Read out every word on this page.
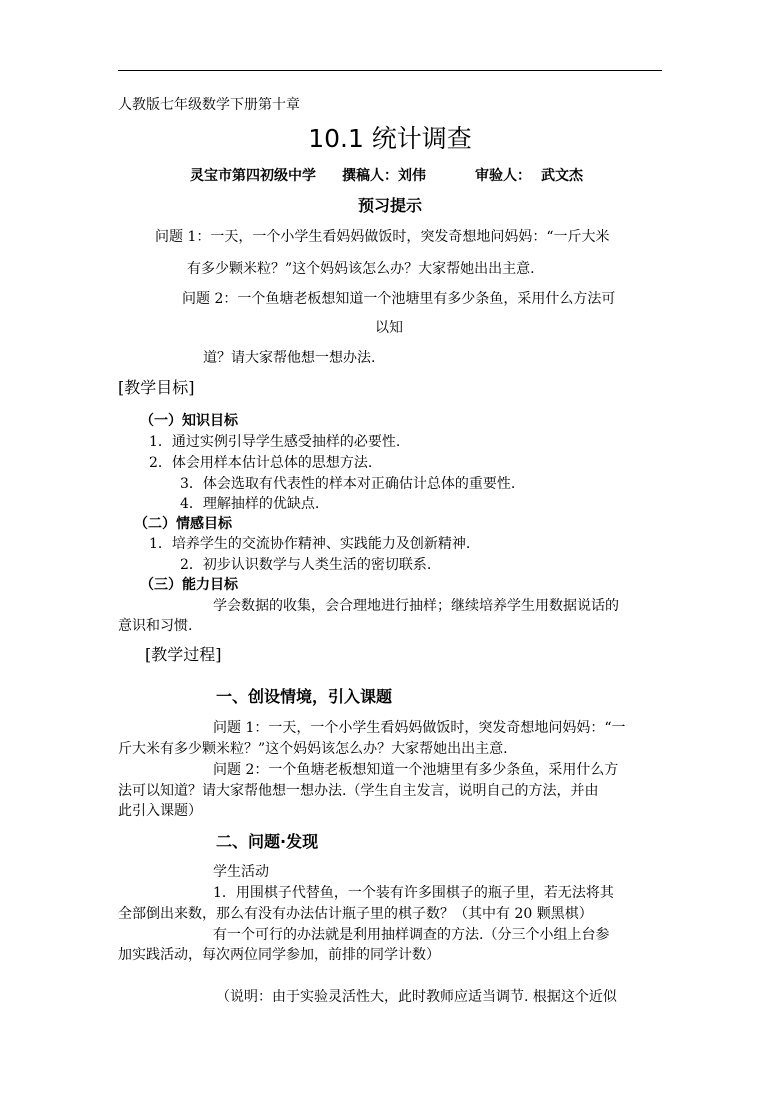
人教版七年级数学下册第十章
10.1 统计调查
灵宝市第四初级中学 撰稿人： 刘伟	审验人： 武文杰
预习提示
问题 1：一天，一个小学生看妈妈做饭时，突发奇想地问妈妈：“一斤大米
有多少颗米粒？”这个妈妈该怎么办？大家帮她出出主意.
问题 2：一个鱼塘老板想知道一个池塘里有多少条鱼，采用什么方法可
以知
道？请大家帮他想一想办法.
[教学目标]
（一）知识目标
1．通过实例引导学生感受抽样的必要性.
2．体会用样本估计总体的思想方法.
3．体会选取有代表性的样本对正确估计总体的重要性.
4．理解抽样的优缺点.
（二）情感目标
1．培养学生的交流协作精神、实践能力及创新精神.
2．初步认识数学与人类生活的密切联系.
（三）能力目标
学会数据的收集，会合理地进行抽样；继续培养学生用数据说话的
意识和习惯.
[教学过程]
一、创设情境，引入课题
问题 1：一天，一个小学生看妈妈做饭时，突发奇想地问妈妈：“一
斤大米有多少颗米粒？”这个妈妈该怎么办？大家帮她出出主意.
问题 2：一个鱼塘老板想知道一个池塘里有多少条鱼，采用什么方
法可以知道？请大家帮他想一想办法.（学生自主发言，说明自己的方法，并由
此引入课题）
二、问题·发现
学生活动
1．用围棋子代替鱼，一个装有许多围棋子的瓶子里，若无法将其
全部倒出来数，那么有没有办法估计瓶子里的棋子数？（其中有 20 颗黑棋）
有一个可行的办法就是利用抽样调查的方法.（分三个小组上台参
加实践活动，每次两位同学参加，前排的同学计数）
（说明：由于实验灵活性大，此时教师应适当调节. 根据这个近似
